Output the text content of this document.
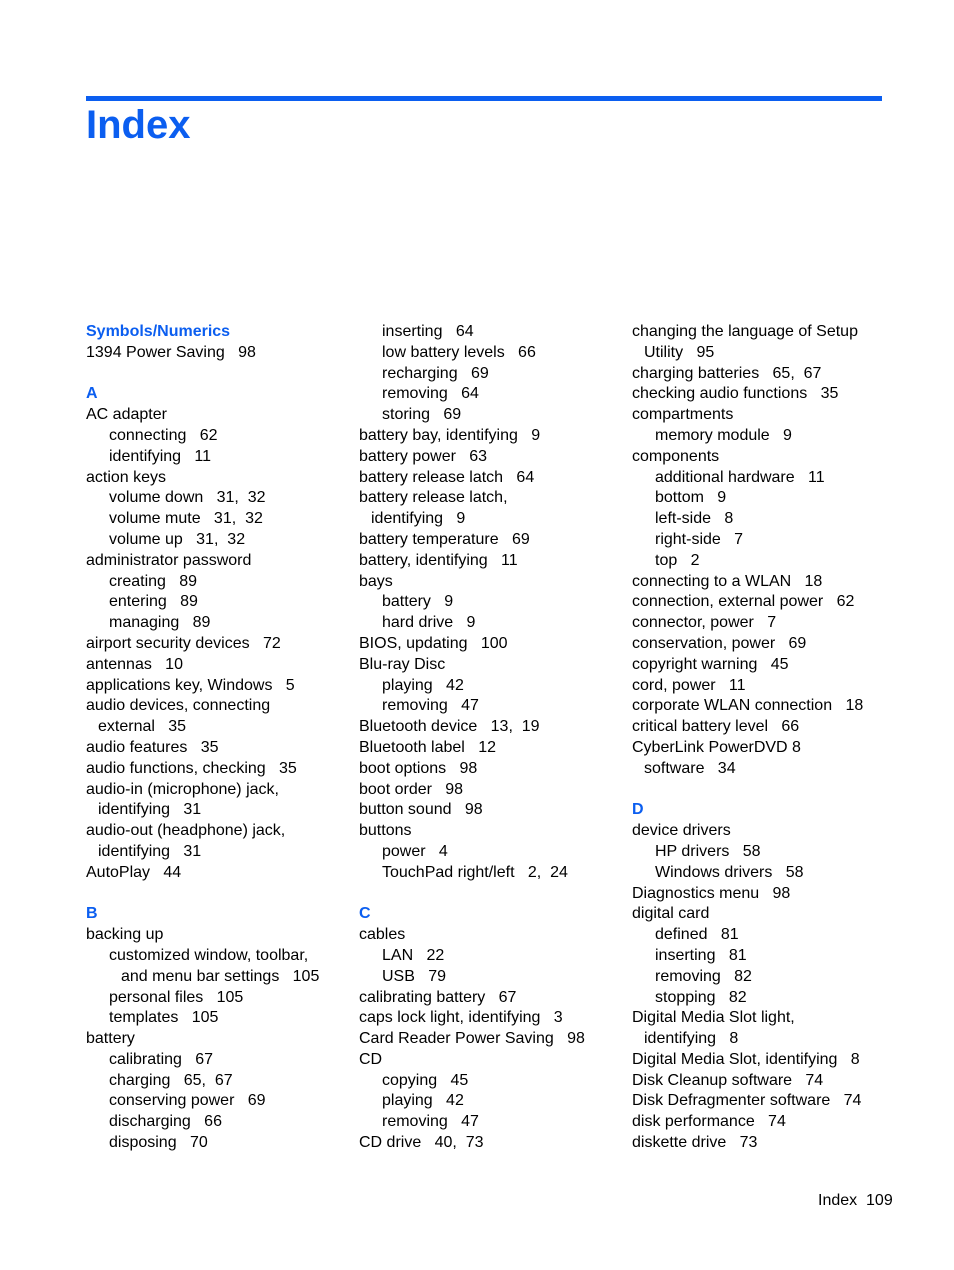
Index
Symbols/Numerics
1394 Power Saving   98
A
AC adapter
connecting   62
identifying   11
action keys
volume down   31,  32
volume mute   31,  32
volume up   31,  32
administrator password
creating   89
entering   89
managing   89
airport security devices   72
antennas   10
applications key, Windows   5
audio devices, connecting
external   35
audio features   35
audio functions, checking   35
audio-in (microphone) jack,
identifying   31
audio-out (headphone) jack,
identifying   31
AutoPlay   44
B
backing up
customized window, toolbar,
and menu bar settings   105
personal files   105
templates   105
battery
calibrating   67
charging   65,  67
conserving power   69
discharging   66
disposing   70
inserting   64
low battery levels   66
recharging   69
removing   64
storing   69
battery bay, identifying   9
battery power   63
battery release latch   64
battery release latch,
identifying   9
battery temperature   69
battery, identifying   11
bays
battery   9
hard drive   9
BIOS, updating   100
Blu-ray Disc
playing   42
removing   47
Bluetooth device   13,  19
Bluetooth label   12
boot options   98
boot order   98
button sound   98
buttons
power   4
TouchPad right/left   2,  24
C
cables
LAN   22
USB   79
calibrating battery   67
caps lock light, identifying   3
Card Reader Power Saving   98
CD
copying   45
playing   42
removing   47
CD drive   40,  73
changing the language of Setup
Utility   95
charging batteries   65,  67
checking audio functions   35
compartments
memory module   9
components
additional hardware   11
bottom   9
left-side   8
right-side   7
top   2
connecting to a WLAN   18
connection, external power   62
connector, power   7
conservation, power   69
copyright warning   45
cord, power   11
corporate WLAN connection   18
critical battery level   66
CyberLink PowerDVD 8
software   34
D
device drivers
HP drivers   58
Windows drivers   58
Diagnostics menu   98
digital card
defined   81
inserting   81
removing   82
stopping   82
Digital Media Slot light,
identifying   8
Digital Media Slot, identifying   8
Disk Cleanup software   74
Disk Defragmenter software   74
disk performance   74
diskette drive   73
Index 109
